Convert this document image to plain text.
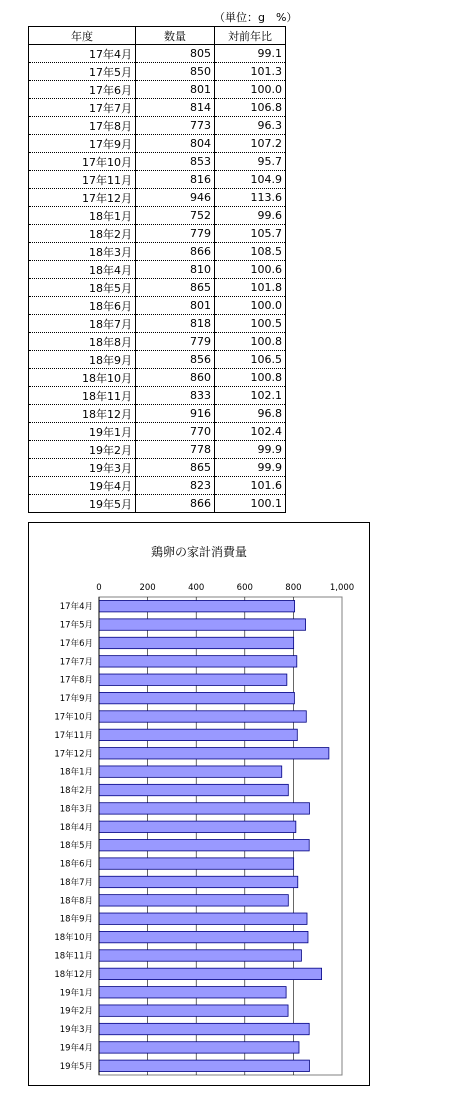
（単位：g　%）
年度	数量	対前年比
17年4月	805	99.1
17年5月	850	101.3
17年6月	801	100.0
17年7月	814	106.8
17年8月	773	96.3
17年9月	804	107.2
17年10月	853	95.7
17年11月	816	104.9
17年12月	946	113.6
18年1月	752	99.6
18年2月	779	105.7
18年3月	866	108.5
18年4月	810	100.6
18年5月	865	101.8
18年6月	801	100.0
18年7月	818	100.5
18年8月	779	100.8
18年9月	856	106.5
18年10月	860	100.8
18年11月	833	102.1
18年12月	916	96.8
19年1月	770	102.4
19年2月	778	99.9
19年3月	865	99.9
19年4月	823	101.6
19年5月	866	100.1
鶏卵の家計消費量
0	200	400	600	800	1,000
17年4月
17年5月
17年6月
17年7月
17年8月
17年9月
17年10月
17年11月
17年12月
18年1月
18年2月
18年3月
18年4月
18年5月
18年6月
18年7月
18年8月
18年9月
18年10月
18年11月
18年12月
19年1月
19年2月
19年3月
19年4月
19年5月
